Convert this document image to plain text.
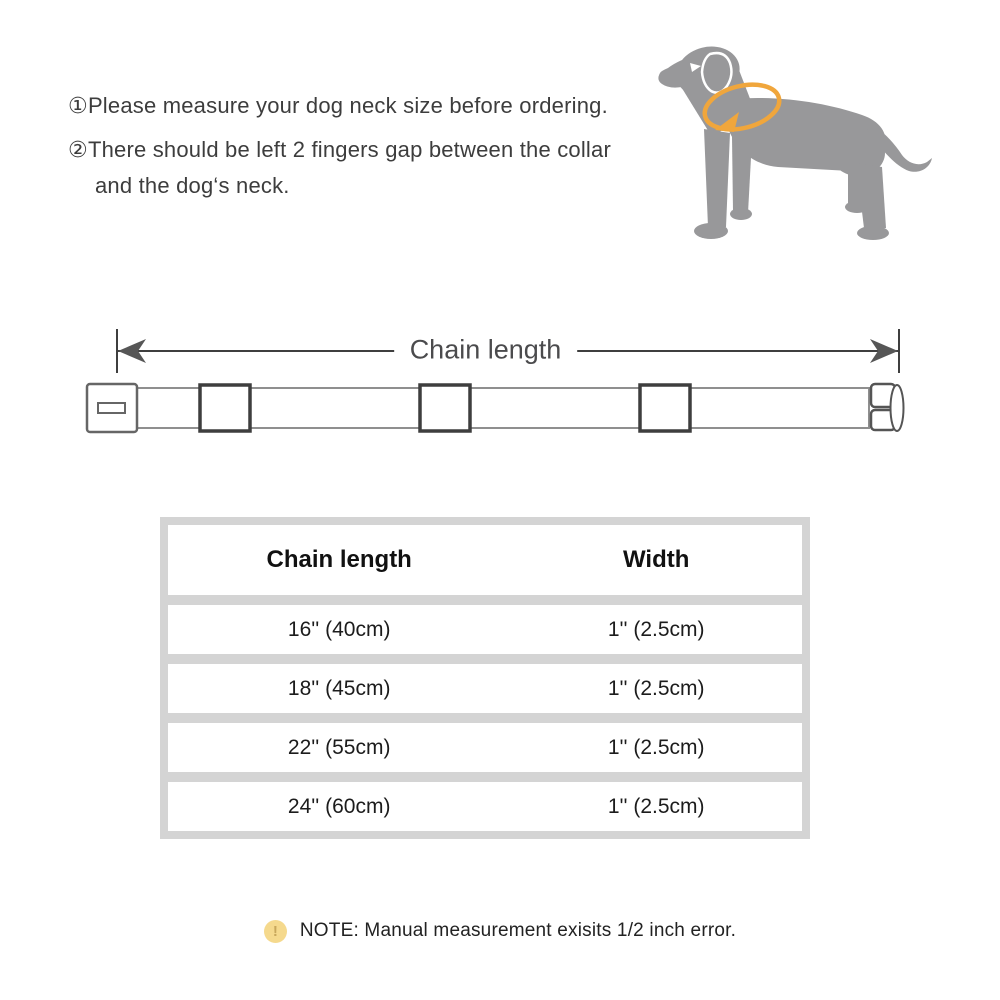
①Please measure your dog neck size before ordering.

②There should be left 2 fingers gap between the collar and the dog‘s neck.

Chain length
Chain length	Width
16'' (40cm)	1'' (2.5cm)
18'' (45cm)	1'' (2.5cm)
22'' (55cm)	1'' (2.5cm)
24'' (60cm)	1'' (2.5cm)
! NOTE: Manual measurement exisits 1/2 inch error.
